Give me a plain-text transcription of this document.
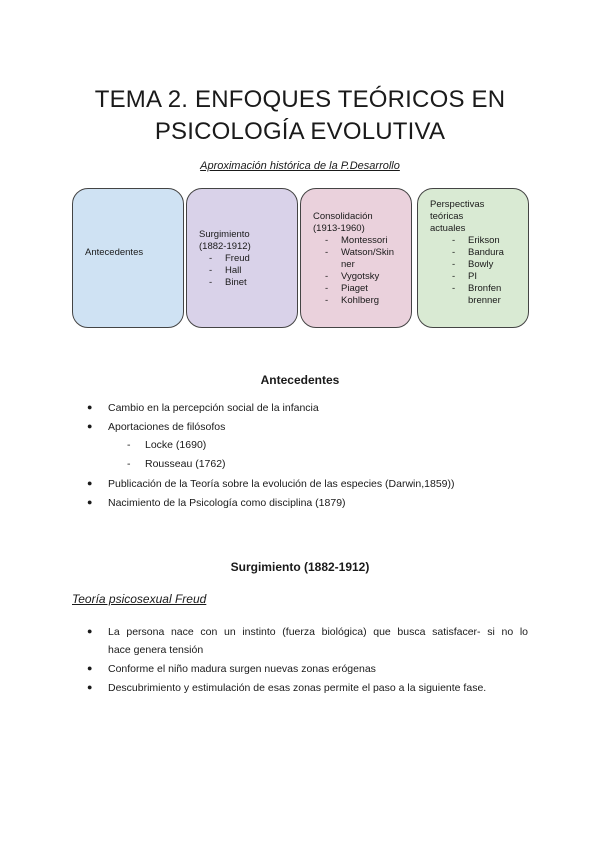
TEMA 2. ENFOQUES TEÓRICOS EN
PSICOLOGÍA EVOLUTIVA
Aproximación histórica de la P.Desarrollo
Antecedentes
Surgimiento
(1882-1912)
- Freud
- Hall
- Binet
Consolidación
(1913-1960)
- Montessori
- Watson/Skin
ner
- Vygotsky
- Piaget
- Kohlberg
Perspectivas
teóricas
actuales
- Erikson
- Bandura
- Bowly
- PI
- Bronfen
brenner
Antecedentes
● Cambio en la percepción social de la infancia
● Aportaciones de filósofos
- Locke (1690)
- Rousseau (1762)
● Publicación de la Teoría sobre la evolución de las especies (Darwin,1859))
● Nacimiento de la Psicología como disciplina (1879)
Surgimiento (1882-1912)
Teoría psicosexual Freud
● La persona nace con un instinto (fuerza biológica) que busca satisfacer- si no lo
hace genera tensión
● Conforme el niño madura surgen nuevas zonas erógenas
● Descubrimiento y estimulación de esas zonas permite el paso a la siguiente fase.
